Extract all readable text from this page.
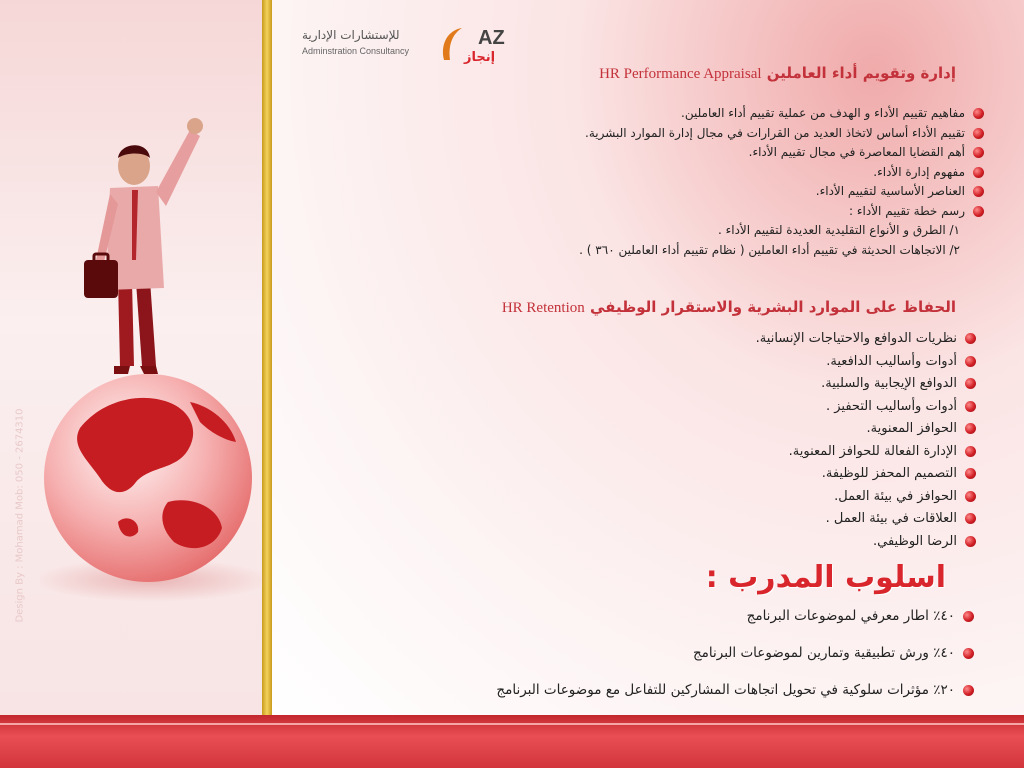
Design By : Mohamad Mob: 050 - 2674310
للإستشارات الإدارية
Adminstration Consultancy
AZ
إنجاز
إدارة وتقويم أداء العاملين HR Performance Appraisal
مفاهيم تقييم الأداء و الهدف من عملية تقييم أداء العاملين.
تقييم الأداء أساس لاتخاذ العديد من القرارات في مجال إدارة الموارد البشرية.
أهم القضايا المعاصرة في مجال تقييم الأداء.
مفهوم إدارة الأداء.
العناصر الأساسية لتقييم الأداء.
رسم خطة تقييم الأداء :
١/ الطرق و الأنواع التقليدية العديدة لتقييم الأداء .
٢/ الاتجاهات الحديثة في تقييم أداء العاملين ( نظام تقييم أداء العاملين ٣٦٠ ) .
الحفاظ على الموارد البشرية والاستقرار الوظيفي HR Retention
نظريات الدوافع والاحتياجات الإنسانية.
أدوات وأساليب الدافعية.
الدوافع الإيجابية والسلبية.
أدوات وأساليب التحفيز .
الحوافز المعنوية.
الإدارة الفعالة للحوافز المعنوية.
التصميم المحفز للوظيفة.
الحوافز في بيئة العمل.
العلاقات في بيئة العمل .
الرضا الوظيفي.
اسلوب المدرب :
٤٠٪ اطار معرفي لموضوعات البرنامج
٤٠٪ ورش تطبيقية وتمارين لموضوعات البرنامج
٢٠٪ مؤثرات سلوكية في تحويل اتجاهات المشاركين للتفاعل مع موضوعات البرنامج
